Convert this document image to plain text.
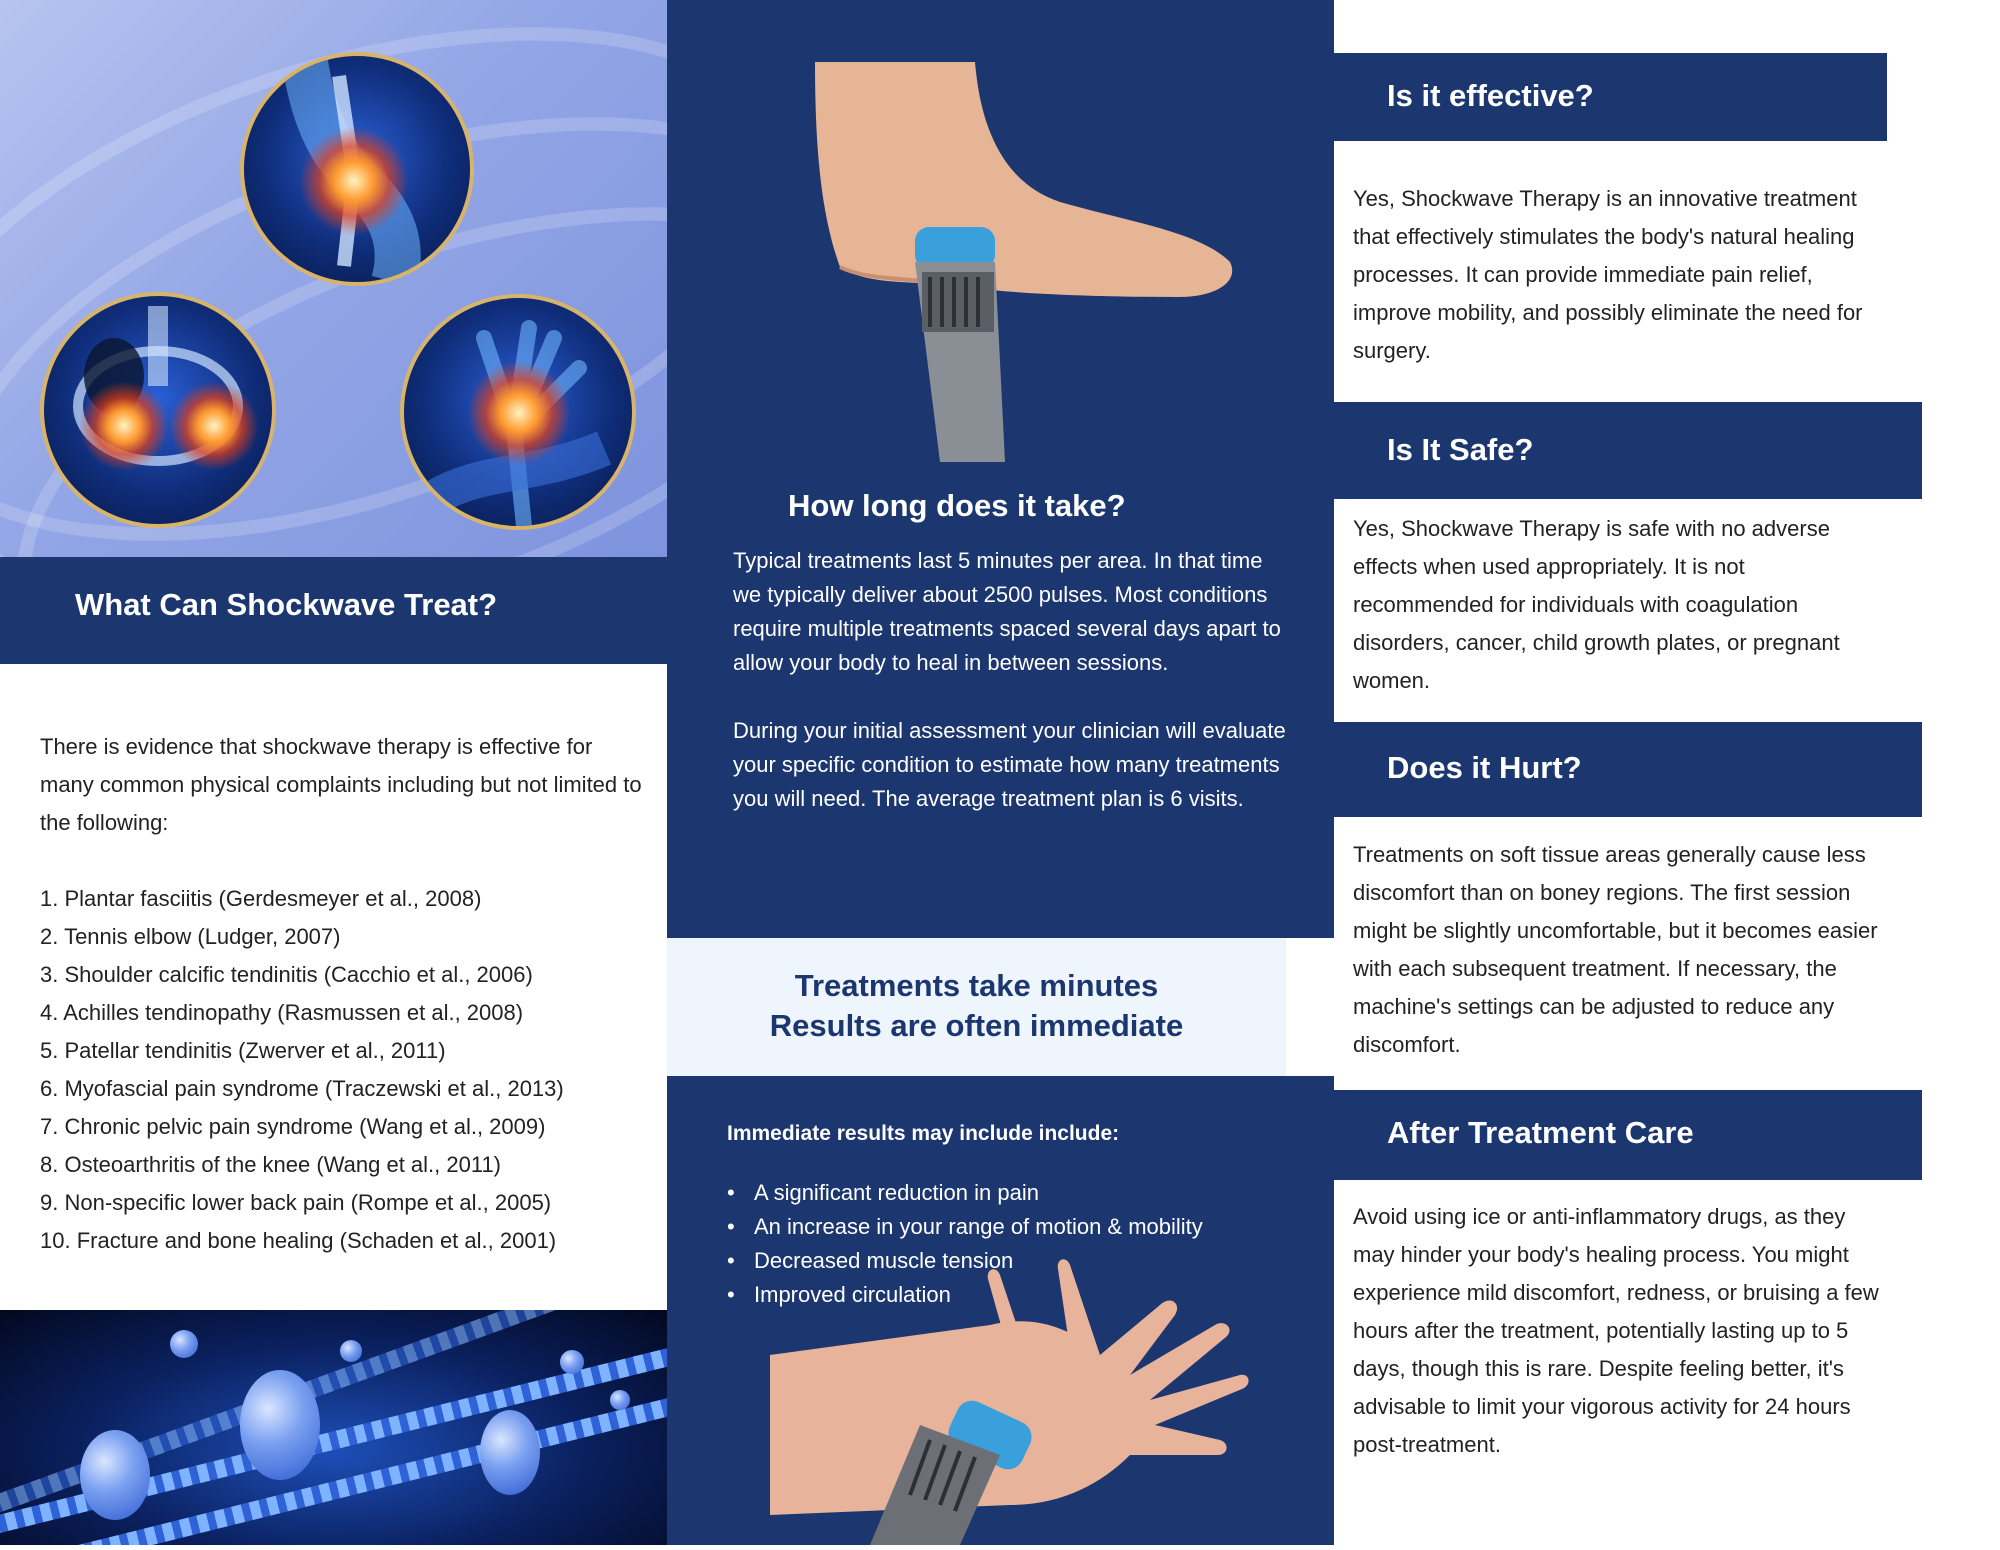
What Can Shockwave Treat?

There is evidence that shockwave therapy is effective for many common physical complaints including but not limited to the following:

1. Plantar fasciitis (Gerdesmeyer et al., 2008)
2. Tennis elbow (Ludger, 2007)
3. Shoulder calcific tendinitis (Cacchio et al., 2006)
4. Achilles tendinopathy (Rasmussen et al., 2008)
5. Patellar tendinitis (Zwerver et al., 2011)
6. Myofascial pain syndrome (Traczewski et al., 2013)
7. Chronic pelvic pain syndrome (Wang et al., 2009)
8. Osteoarthritis of the knee (Wang et al., 2011)
9. Non-specific lower back pain (Rompe et al., 2005)
10. Fracture and bone healing (Schaden et al., 2001)
How long does it take?

Typical treatments last 5 minutes per area. In that time we typically deliver about 2500 pulses. Most conditions require multiple treatments spaced several days apart to allow your body to heal in between sessions.

During your initial assessment your clinician will evaluate your specific condition to estimate how many treatments you will need. The average treatment plan is 6 visits.

Treatments take minutes
Results are often immediate
Immediate results may include include:
• A significant reduction in pain
• An increase in your range of motion & mobility
• Decreased muscle tension
• Improved circulation
Is it effective?

Yes, Shockwave Therapy is an innovative treatment that effectively stimulates the body's natural healing processes. It can provide immediate pain relief, improve mobility, and possibly eliminate the need for surgery.

Is It Safe?

Yes, Shockwave Therapy is safe with no adverse effects when used appropriately. It is not recommended for individuals with coagulation disorders, cancer, child growth plates, or pregnant women.

Does it Hurt?

Treatments on soft tissue areas generally cause less discomfort than on boney regions. The first session might be slightly uncomfortable, but it becomes easier with each subsequent treatment. If necessary, the machine's settings can be adjusted to reduce any discomfort.

After Treatment Care

Avoid using ice or anti-inflammatory drugs, as they may hinder your body's healing process. You might experience mild discomfort, redness, or bruising a few hours after the treatment, potentially lasting up to 5 days, though this is rare. Despite feeling better, it's advisable to limit your vigorous activity for 24 hours post-treatment.
